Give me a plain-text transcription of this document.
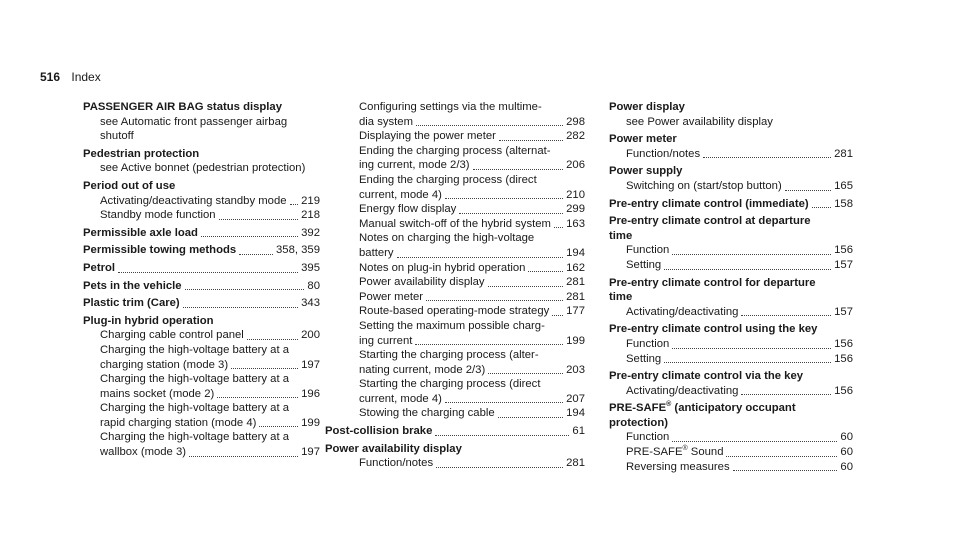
516 Index
PASSENGER AIR BAG status display
see Automatic front passenger airbag shutoff
Pedestrian protection
see Active bonnet (pedestrian protection)
Period out of use
Activating/deactivating standby mode 219
Standby mode function	218
Permissible axle load	392
Permissible towing methods	358, 359
Petrol	395
Pets in the vehicle	80
Plastic trim (Care)	343
Plug-in hybrid operation
Charging cable control panel	200
Charging the high-voltage battery at a
charging station (mode 3)	197
Charging the high-voltage battery at a
mains socket (mode 2)	196
Charging the high-voltage battery at a
rapid charging station (mode 4)	199
Charging the high-voltage battery at a
wallbox (mode 3)	197
Configuring settings via the multime-
dia system	298
Displaying the power meter	282
Ending the charging process (alternat-
ing current, mode 2/3)	206
Ending the charging process (direct
current, mode 4)	210
Energy flow display	299
Manual switch-off of the hybrid system 163
Notes on charging the high-voltage
battery	194
Notes on plug-in hybrid operation	162
Power availability display	281
Power meter	281
Route-based operating-mode strategy 177
Setting the maximum possible charg-
ing current	199
Starting the charging process (alter-
nating current, mode 2/3)	203
Starting the charging process (direct
current, mode 4)	207
Stowing the charging cable	194
Post-collision brake	61
Power availability display
Function/notes	281
Power display
see Power availability display
Power meter
Function/notes	281
Power supply
Switching on (start/stop button)	165
Pre-entry climate control (immediate) 158
Pre-entry climate control at departure
time
Function	156
Setting	157
Pre-entry climate control for departure
time
Activating/deactivating	157
Pre-entry climate control using the key
Function	156
Setting	156
Pre-entry climate control via the key
Activating/deactivating	156
PRE-SAFE® (anticipatory occupant protection)
Function	60
PRE-SAFE® Sound	60
Reversing measures	60
